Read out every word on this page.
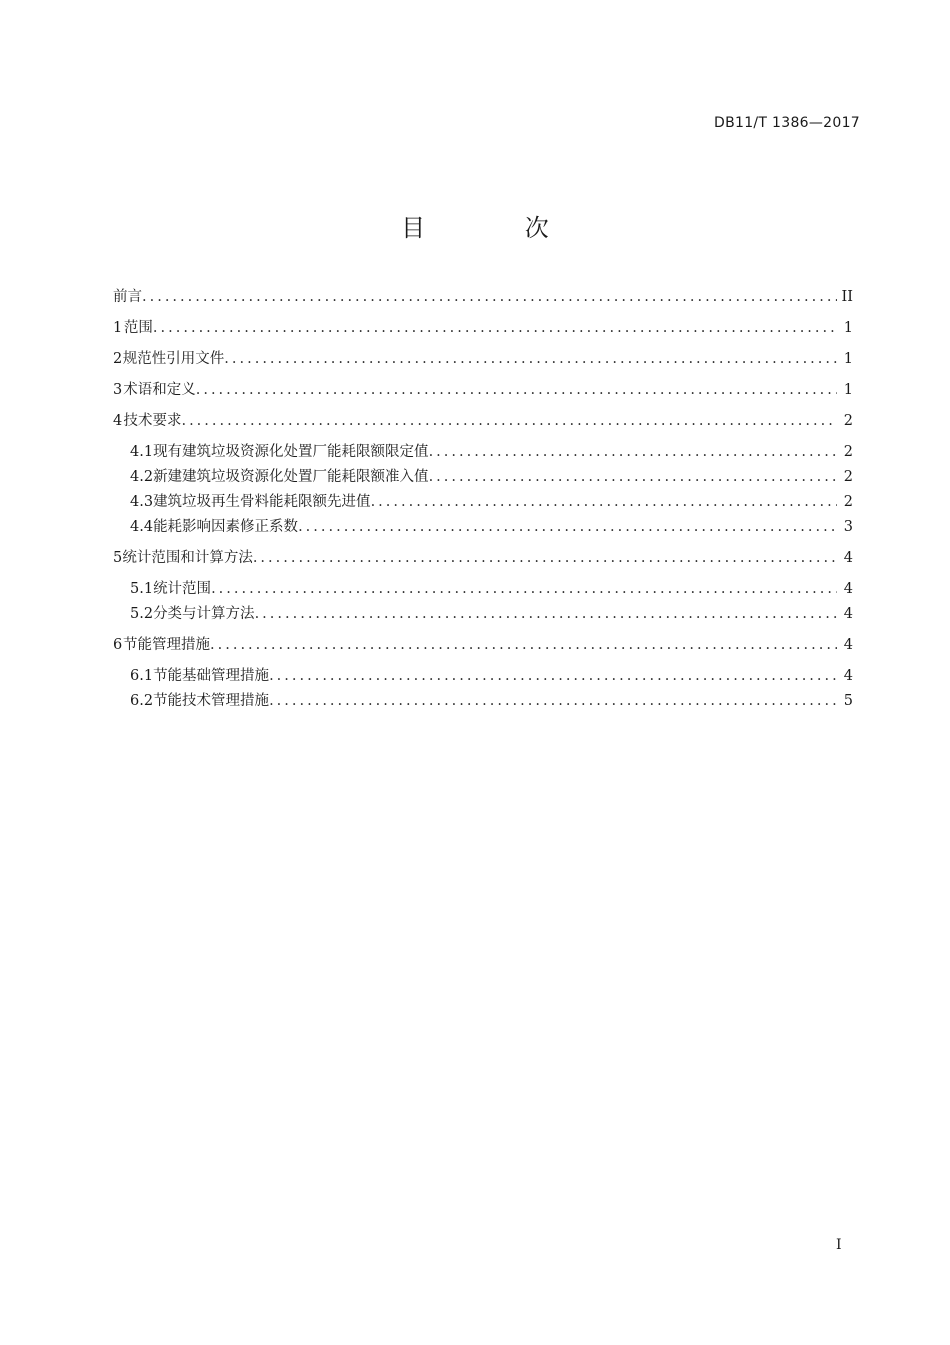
DB11/T 1386—2017
目 次
前言 .....	II
1 范围 .....	1
2 规范性引用文件 .....	1
3 术语和定义 .....	1
4 技术要求 .....	2
4.1 现有建筑垃圾资源化处置厂能耗限额限定值 .....	2
4.2 新建建筑垃圾资源化处置厂能耗限额准入值 .....	2
4.3 建筑垃圾再生骨料能耗限额先进值 .....	2
4.4 能耗影响因素修正系数 .....	3
5 统计范围和计算方法 .....	4
5.1 统计范围 .....	4
5.2 分类与计算方法 .....	4
6 节能管理措施 .....	4
6.1 节能基础管理措施 .....	4
6.2 节能技术管理措施 .....	5
I
